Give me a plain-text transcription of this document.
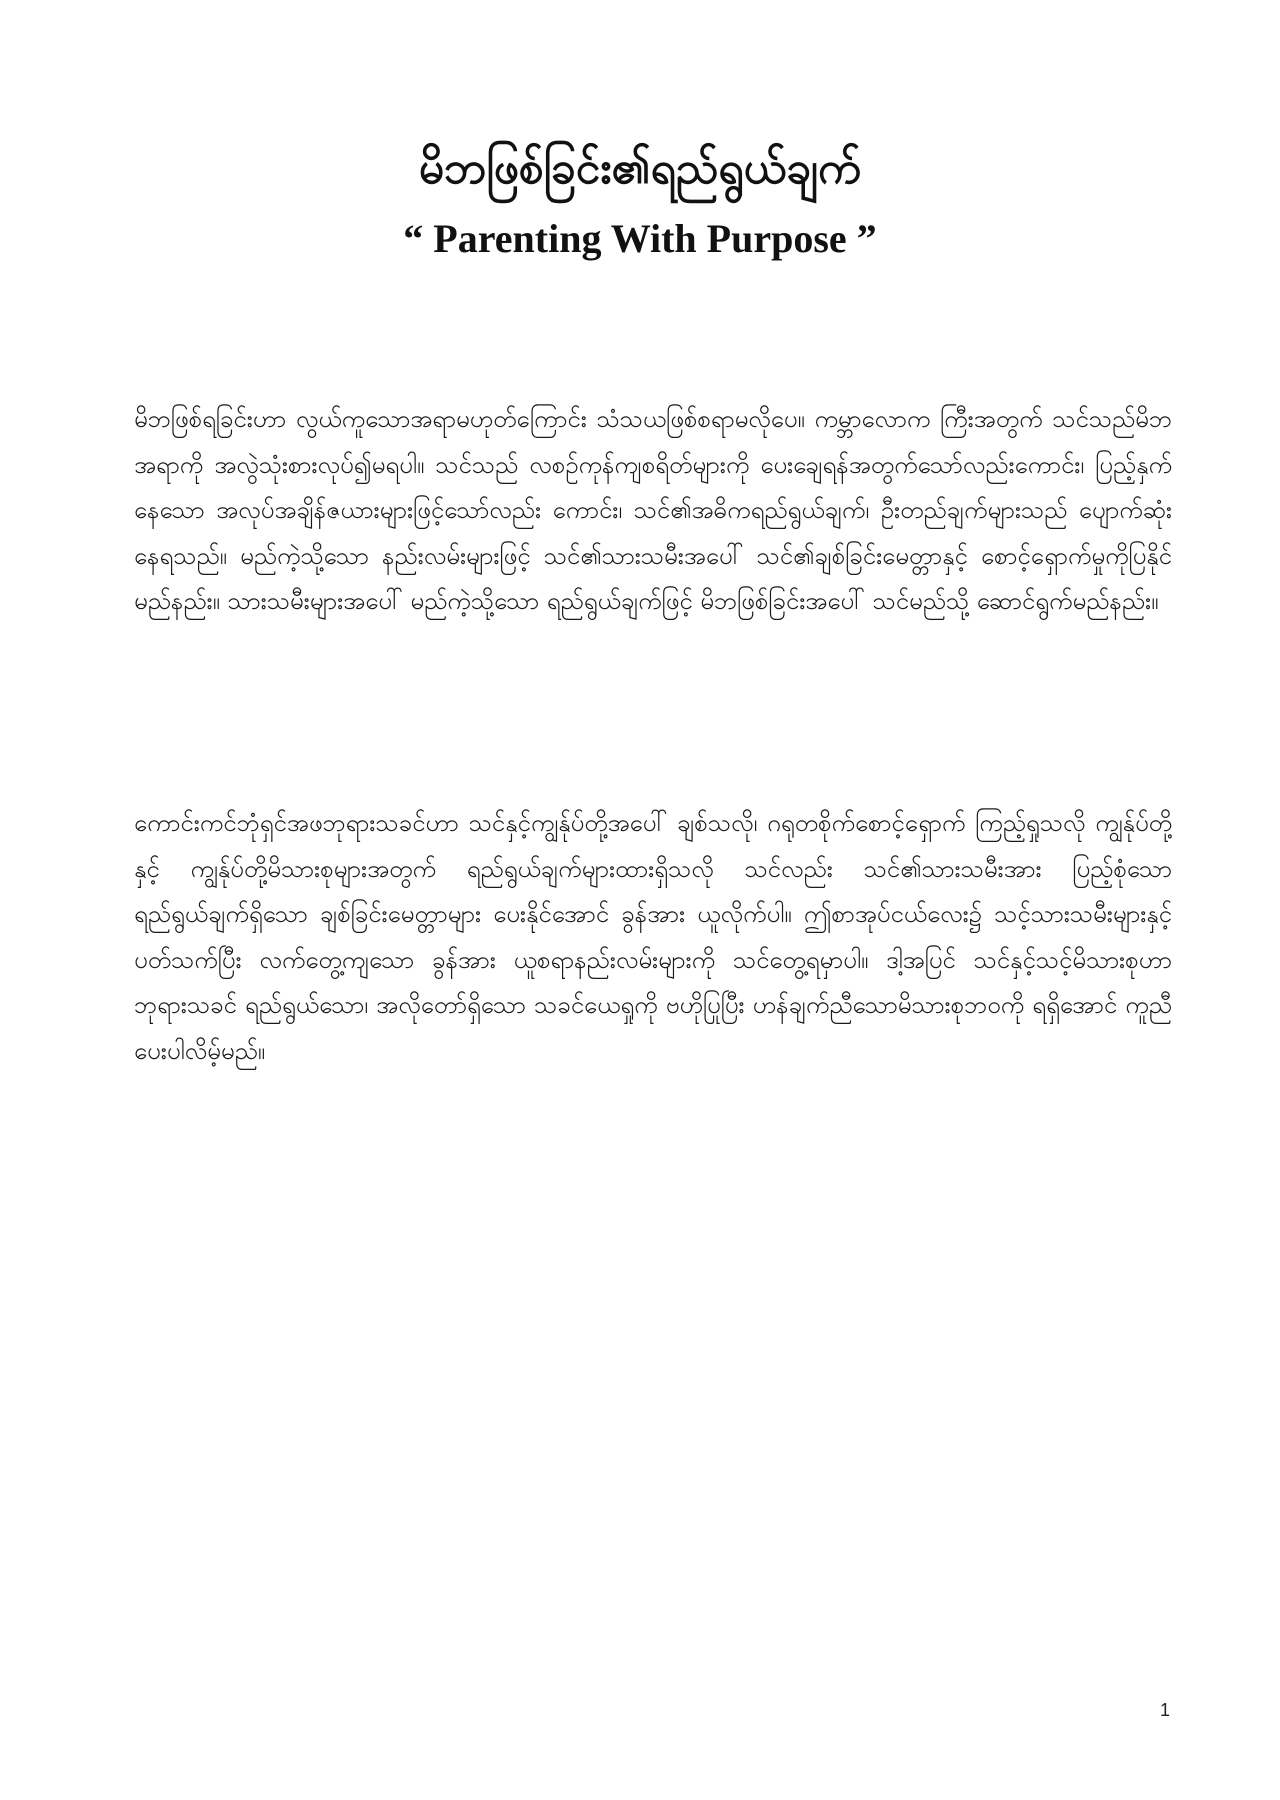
မိဘဖြစ်ခြင်း၏ရည်ရွယ်ချက်
“ Parenting With Purpose ”

မိဘဖြစ်ရခြင်းဟာ လွယ်ကူသောအရာမဟုတ်ကြောင်း သံသယဖြစ်စရာမလိုပေ။ ကမ္ဘာလောက ကြီးအတွက် သင်သည်မိဘအရာကို အလွဲသုံးစားလုပ်၍မရပါ။ သင်သည် လစဉ်ကုန်ကျစရိတ်များကို ပေးချေရန်အတွက်သော်လည်းကောင်း၊ ပြည့်နှက်နေသော အလုပ်အချိန်ဇယားများဖြင့်သော်လည်း ကောင်း၊ သင်၏အဓိကရည်ရွယ်ချက်၊ ဦးတည်ချက်များသည် ပျောက်ဆုံးနေရသည်။ မည်ကဲ့သို့သော နည်းလမ်းများဖြင့် သင်၏သားသမီးအပေါ် သင်၏ချစ်ခြင်းမေတ္တာနှင့် စောင့်ရှောက်မှုကိုပြနိုင် မည်နည်း။ သားသမီးများအပေါ် မည်ကဲ့သို့သော ရည်ရွယ်ချက်ဖြင့် မိဘဖြစ်ခြင်းအပေါ် သင်မည်သို့ ဆောင်ရွက်မည်နည်း။

ကောင်းကင်ဘုံရှင်အဖဘုရားသခင်ဟာ သင်နှင့်ကျွန်ုပ်တို့အပေါ် ချစ်သလို၊ ဂရုတစိုက်စောင့်ရှောက် ကြည့်ရှုသလို ကျွန်ုပ်တို့နှင့် ကျွန်ုပ်တို့မိသားစုများအတွက် ရည်ရွယ်ချက်များထားရှိသလို သင်လည်း သင်၏သားသမီးအား ပြည့်စုံသော ရည်ရွယ်ချက်ရှိသော ချစ်ခြင်းမေတ္တာများ ပေးနိုင်အောင် ခွန်အား ယူလိုက်ပါ။ ဤစာအုပ်ငယ်လေး၌ သင့်သားသမီးများနှင့်ပတ်သက်ပြီး လက်တွေ့ကျသော ခွန်အား ယူစရာနည်းလမ်းများကို သင်တွေ့ရမှာပါ။ ဒါ့အပြင် သင်နှင့်သင့်မိသားစုဟာ ဘုရားသခင် ရည်ရွယ်သော၊ အလိုတော်ရှိသော သခင်ယေရှုကို ဗဟိုပြုပြီး ဟန်ချက်ညီသောမိသားစုဘဝကို ရရှိအောင် ကူညီပေးပါလိမ့်မည်။

1
